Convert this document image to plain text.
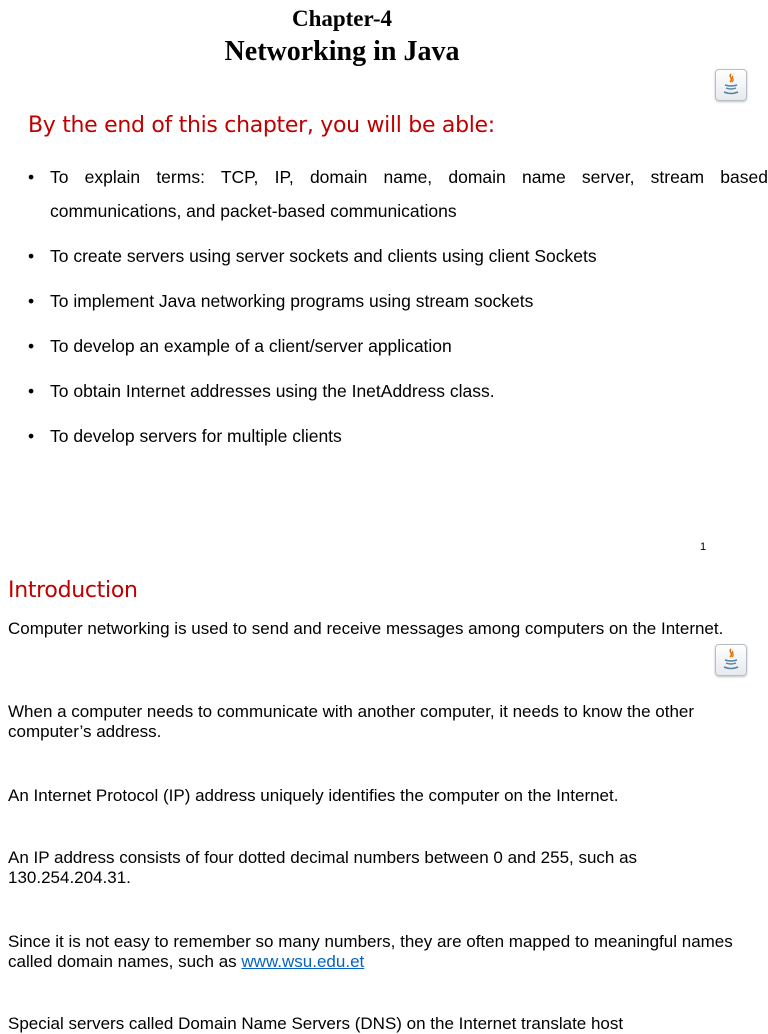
Chapter-4
Networking in Java
By the end of this chapter, you will be able:
• To explain terms: TCP, IP, domain name, domain name server, stream based communications, and packet-based communications
• To create servers using server sockets and clients using client Sockets
• To implement Java networking programs using stream sockets
• To develop an example of a client/server application
• To obtain Internet addresses using the InetAddress class.
• To develop servers for multiple clients
1
Introduction
Computer networking is used to send and receive messages among computers on the Internet.
When a computer needs to communicate with another computer, it needs to know the other computer’s address.
An Internet Protocol (IP) address uniquely identifies the computer on the Internet.
An IP address consists of four dotted decimal numbers between 0 and 255, such as 130.254.204.31.
Since it is not easy to remember so many numbers, they are often mapped to meaningful names called domain names, such as www.wsu.edu.et
Special servers called Domain Name Servers (DNS) on the Internet translate host
